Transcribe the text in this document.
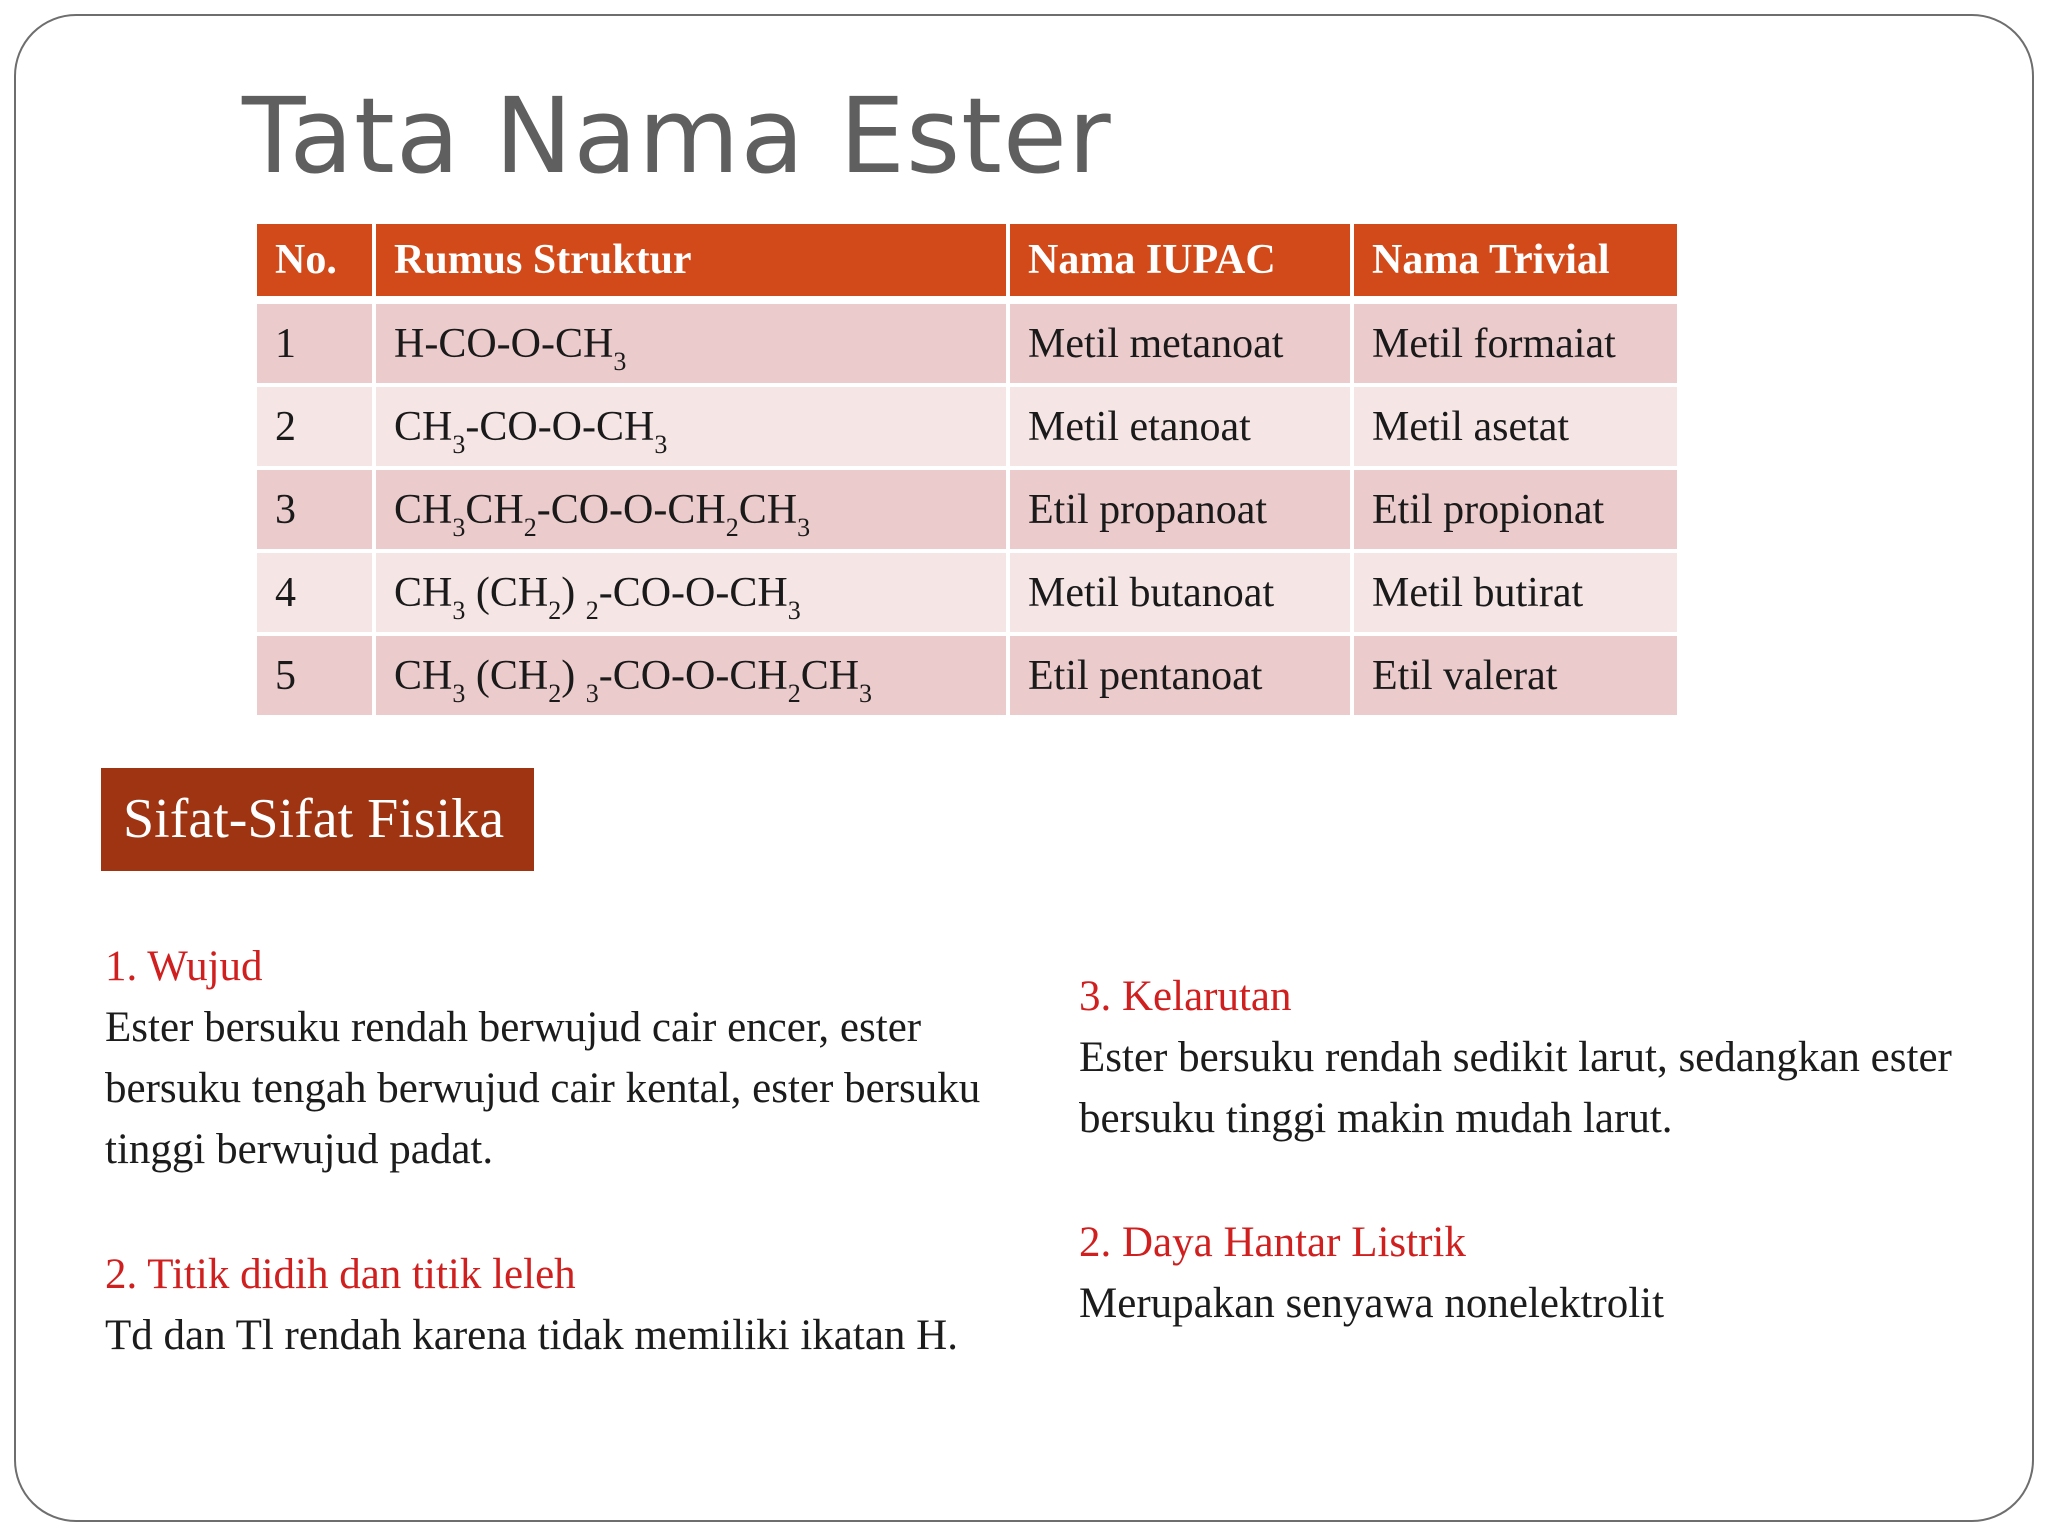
Tata Nama Ester
No.	Rumus Struktur	Nama IUPAC	Nama Trivial
1	$H-CO-O-CH_3$	Metil metanoat	Metil formaiat
2	$CH_3-CO-O-CH_3$	Metil etanoat	Metil asetat
3	$CH_3CH_2-CO-O-CH_2CH_3$	Etil propanoat	Etil propionat
4	$CH_3$ $(CH_2)$ $_2-CO-O-CH_3$	Metil butanoat	Metil butirat
5	$CH_3$ $(CH_2)$ $_3-CO-O-CH_2CH_3$	Etil pentanoat	Etil valerat
Sifat-Sifat Fisika
1. Wujud
Ester bersuku rendah berwujud cair encer, ester bersuku tengah berwujud cair kental, ester bersuku tinggi berwujud padat.
2. Titik didih dan titik leleh
Td dan Tl rendah karena tidak memiliki ikatan H.
3. Kelarutan
Ester bersuku rendah sedikit larut, sedangkan ester bersuku tinggi makin mudah larut.
2. Daya Hantar Listrik
Merupakan senyawa nonelektrolit
